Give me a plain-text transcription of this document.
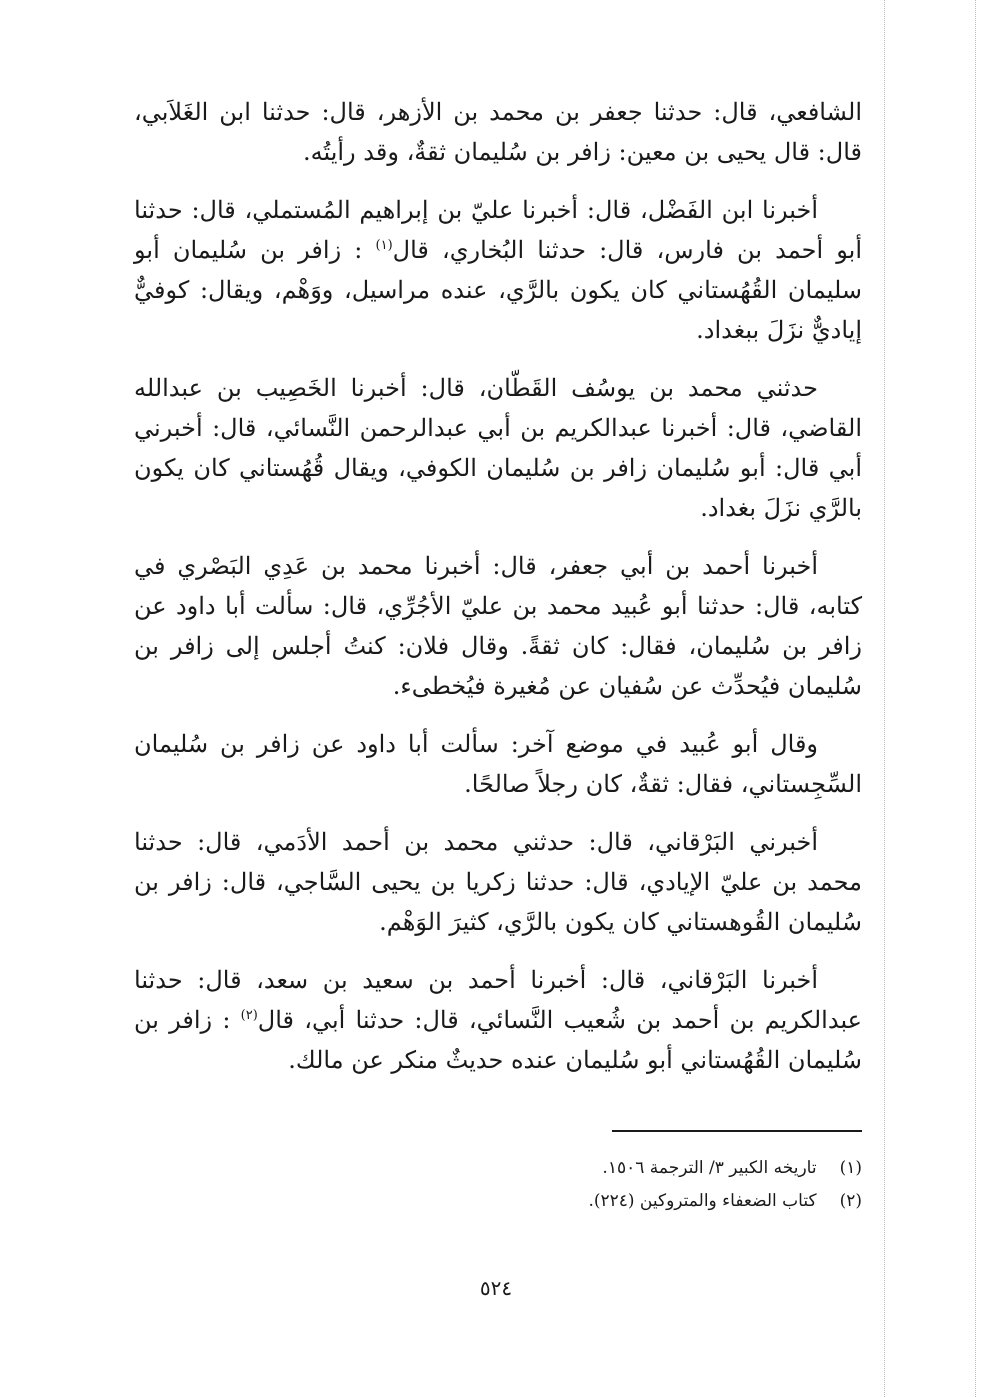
الشافعي، قال: حدثنا جعفر بن محمد بن الأزهر، قال: حدثنا ابن الغَلاَبي،
قال: قال يحيى بن معين: زافر بن سُليمان ثقةٌ، وقد رأيتُه.

أخبرنا ابن الفَضْل، قال: أخبرنا عليّ بن إبراهيم المُستملي، قال: حدثنا
أبو أحمد بن فارس، قال: حدثنا البُخاري، قال$^{(١)}$ : زافر بن سُليمان أبو
سليمان القُهُستاني كان يكون بالرَّي، عنده مراسيل، ووَهْم، ويقال: كوفيٌّ
إياديٌّ نزَلَ ببغداد.

حدثني محمد بن يوسُف القَطّان، قال: أخبرنا الخَصِيب بن عبدالله
القاضي، قال: أخبرنا عبدالكريم بن أبي عبدالرحمن النَّسائي، قال: أخبرني
أبي قال: أبو سُليمان زافر بن سُليمان الكوفي، ويقال قُهُستاني كان يكون
بالرَّي نزَلَ بغداد.

أخبرنا أحمد بن أبي جعفر، قال: أخبرنا محمد بن عَدِي البَصْري في
كتابه، قال: حدثنا أبو عُبيد محمد بن عليّ الأجُرِّي، قال: سألت أبا داود عن
زافر بن سُليمان، فقال: كان ثقةً. وقال فلان: كنتُ أجلس إلى زافر بن
سُليمان فيُحدِّث عن سُفيان عن مُغيرة فيُخطىء.

وقال أبو عُبيد في موضع آخر: سألت أبا داود عن زافر بن سُليمان
السِّجِستاني، فقال: ثقةٌ، كان رجلاً صالحًا.

أخبرني البَرْقاني، قال: حدثني محمد بن أحمد الأدَمي، قال: حدثنا
محمد بن عليّ الإيادي، قال: حدثنا زكريا بن يحيى السَّاجي، قال: زافر بن
سُليمان القُوهستاني كان يكون بالرَّي، كثيرَ الوَهْم.

أخبرنا البَرْقاني، قال: أخبرنا أحمد بن سعيد بن سعد، قال: حدثنا
عبدالكريم بن أحمد بن شُعيب النَّسائي، قال: حدثنا أبي، قال$^{(٢)}$ : زافر بن
سُليمان القُهُستاني أبو سُليمان عنده حديثٌ منكر عن مالك.

(١) تاريخه الكبير ٣/ الترجمة ١٥٠٦.
(٢) كتاب الضعفاء والمتروكين (٢٢٤).
٥٢٤
